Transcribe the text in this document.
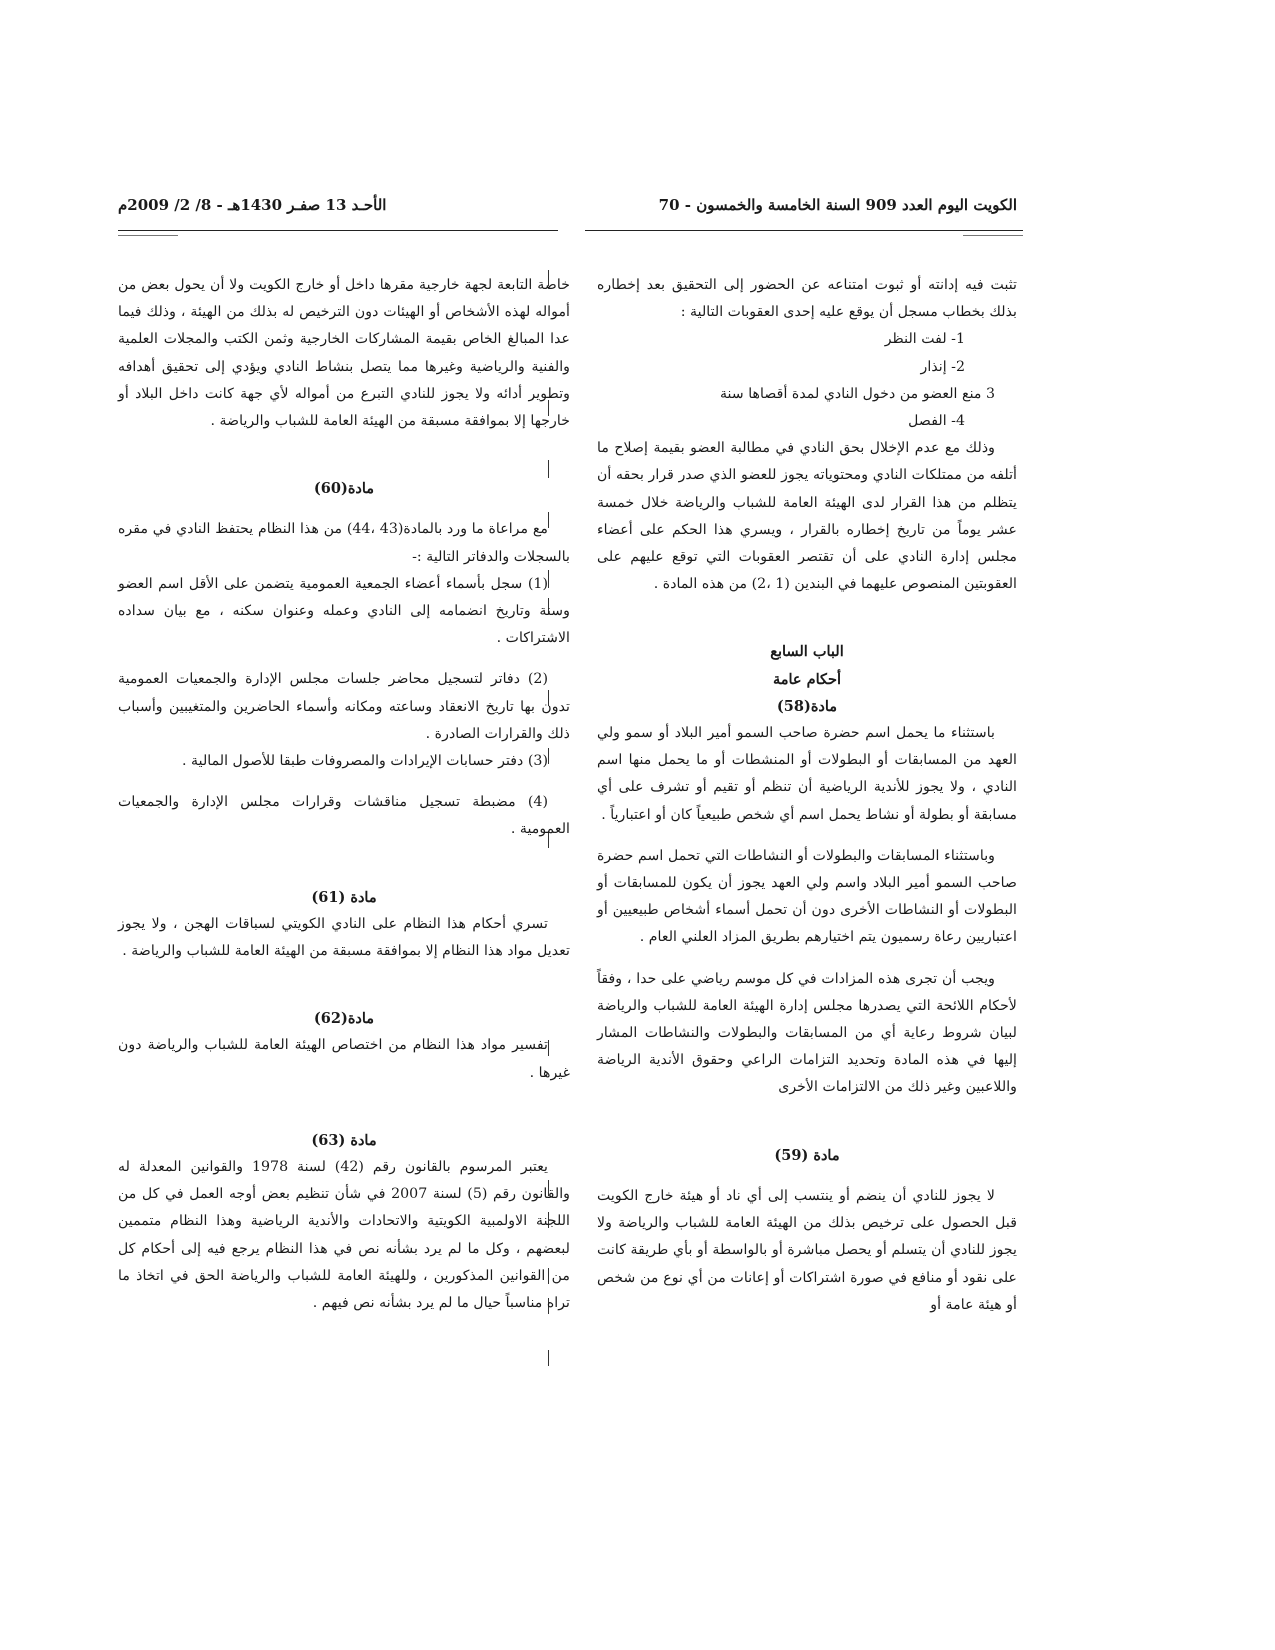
الكويت اليوم العدد 909 السنة الخامسة والخمسون - 70
الأحـد 13 صفـر 1430هـ - 8/ 2/ 2009م

تثبت فيه إدانته أو ثبوت امتناعه عن الحضور إلى التحقيق بعد إخطاره بذلك بخطاب مسجل أن يوقع عليه إحدى العقوبات التالية :

1- لفت النظر

2- إنذار

3 منع العضو من دخول النادي لمدة أقصاها سنة

4- الفصل

وذلك مع عدم الإخلال بحق النادي في مطالبة العضو بقيمة إصلاح ما أتلفه من ممتلكات النادي ومحتوياته يجوز للعضو الذي صدر قرار بحقه أن يتظلم من هذا القرار لدى الهيئة العامة للشباب والرياضة خلال خمسة عشر يوماً من تاريخ إخطاره بالقرار ، ويسري هذا الحكم على أعضاء مجلس إدارة النادي على أن تقتصر العقوبات التي توقع عليهم على العقوبتين المنصوص عليهما في البندين (1 ،2) من هذه المادة .

الباب السابع

أحكام عامة

مادة(58)

باستثناء ما يحمل اسم حضرة صاحب السمو أمير البلاد أو سمو ولي العهد من المسابقات أو البطولات أو المنشطات أو ما يحمل منها اسم النادي ، ولا يجوز للأندية الرياضية أن تنظم أو تقيم أو تشرف على أي مسابقة أو بطولة أو نشاط يحمل اسم أي شخص طبيعياً كان أو اعتبارياً .

وباستثناء المسابقات والبطولات أو النشاطات التي تحمل اسم حضرة صاحب السمو أمير البلاد واسم ولي العهد يجوز أن يكون للمسابقات أو البطولات أو النشاطات الأخرى دون أن تحمل أسماء أشخاص طبيعيين أو اعتباريين رعاة رسميون يتم اختيارهم بطريق المزاد العلني العام .

ويجب أن تجرى هذه المزادات في كل موسم رياضي على حدا ، وفقاً لأحكام اللائحة التي يصدرها مجلس إدارة الهيئة العامة للشباب والرياضة لبيان شروط رعاية أي من المسابقات والبطولات والنشاطات المشار إليها في هذه المادة وتحديد التزامات الراعي وحقوق الأندية الرياضة واللاعبين وغير ذلك من الالتزامات الأخرى

مادة (59)

لا يجوز للنادي أن ينضم أو ينتسب إلى أي ناد أو هيئة خارج الكويت قبل الحصول على ترخيص بذلك من الهيئة العامة للشباب والرياضة ولا يجوز للنادي أن يتسلم أو يحصل مباشرة أو بالواسطة أو بأي طريقة كانت على نقود أو منافع في صورة اشتراكات أو إعانات من أي نوع من شخص أو هيئة عامة أو

خاصة التابعة لجهة خارجية مقرها داخل أو خارج الكويت ولا أن يحول بعض من أمواله لهذه الأشخاص أو الهيئات دون الترخيص له بذلك من الهيئة ، وذلك فيما عدا المبالغ الخاص بقيمة المشاركات الخارجية وثمن الكتب والمجلات العلمية والفنية والرياضية وغيرها مما يتصل بنشاط النادي ويؤدي إلى تحقيق أهدافه وتطوير أدائه ولا يجوز للنادي التبرع من أمواله لأي جهة كانت داخل البلاد أو خارجها إلا بموافقة مسبقة من الهيئة العامة للشباب والرياضة .

مادة(60)

مع مراعاة ما ورد بالمادة(43 ،44) من هذا النظام يحتفظ النادي في مقره بالسجلات والدفاتر التالية :-

(1) سجل بأسماء أعضاء الجمعية العمومية يتضمن على الأقل اسم العضو وسنة وتاريخ انضمامه إلى النادي وعمله وعنوان سكنه ، مع بيان سداده الاشتراكات .

(2) دفاتر لتسجيل محاضر جلسات مجلس الإدارة والجمعيات العمومية تدون بها تاريخ الانعقاد وساعته ومكانه وأسماء الحاضرين والمتغيبين وأسباب ذلك والقرارات الصادرة .

(3) دفتر حسابات الإيرادات والمصروفات طبقا للأصول المالية .

(4) مضبطة تسجيل مناقشات وقرارات مجلس الإدارة والجمعيات العمومية .

مادة (61)

تسري أحكام هذا النظام على النادي الكويتي لسباقات الهجن ، ولا يجوز تعديل مواد هذا النظام إلا بموافقة مسبقة من الهيئة العامة للشباب والرياضة .

مادة(62)

تفسير مواد هذا النظام من اختصاص الهيئة العامة للشباب والرياضة دون غيرها .

مادة (63)

يعتبر المرسوم بالقانون رقم (42) لسنة 1978 والقوانين المعدلة له والقانون رقم (5) لسنة 2007 في شأن تنظيم بعض أوجه العمل في كل من اللجنة الاولمبية الكويتية والاتحادات والأندية الرياضية وهذا النظام متممين لبعضهم ، وكل ما لم يرد بشأنه نص في هذا النظام يرجع فيه إلى أحكام كل من القوانين المذكورين ، وللهيئة العامة للشباب والرياضة الحق في اتخاذ ما تراه مناسباً حيال ما لم يرد بشأنه نص فيهم .
